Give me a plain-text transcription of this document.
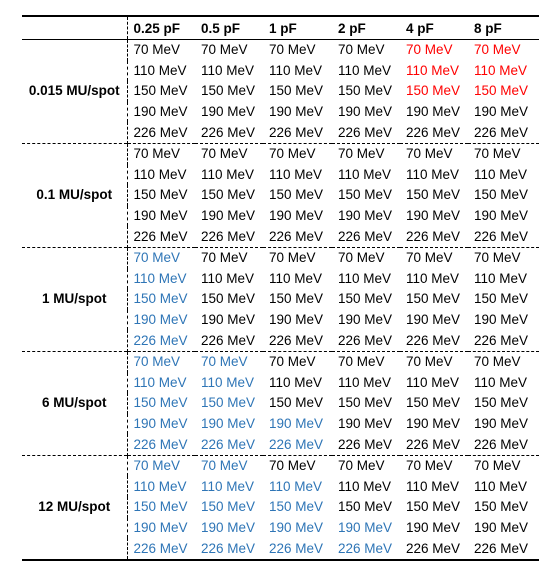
	0.25 pF	0.5 pF	1 pF	2 pF	4 pF	8 pF
0.015 MU/spot	70 MeV	70 MeV	70 MeV	70 MeV	70 MeV	70 MeV
	110 MeV	110 MeV	110 MeV	110 MeV	110 MeV	110 MeV
	150 MeV	150 MeV	150 MeV	150 MeV	150 MeV	150 MeV
	190 MeV	190 MeV	190 MeV	190 MeV	190 MeV	190 MeV
	226 MeV	226 MeV	226 MeV	226 MeV	226 MeV	226 MeV
0.1 MU/spot	70 MeV	70 MeV	70 MeV	70 MeV	70 MeV	70 MeV
	110 MeV	110 MeV	110 MeV	110 MeV	110 MeV	110 MeV
	150 MeV	150 MeV	150 MeV	150 MeV	150 MeV	150 MeV
	190 MeV	190 MeV	190 MeV	190 MeV	190 MeV	190 MeV
	226 MeV	226 MeV	226 MeV	226 MeV	226 MeV	226 MeV
1 MU/spot	70 MeV	70 MeV	70 MeV	70 MeV	70 MeV	70 MeV
	110 MeV	110 MeV	110 MeV	110 MeV	110 MeV	110 MeV
	150 MeV	150 MeV	150 MeV	150 MeV	150 MeV	150 MeV
	190 MeV	190 MeV	190 MeV	190 MeV	190 MeV	190 MeV
	226 MeV	226 MeV	226 MeV	226 MeV	226 MeV	226 MeV
6 MU/spot	70 MeV	70 MeV	70 MeV	70 MeV	70 MeV	70 MeV
	110 MeV	110 MeV	110 MeV	110 MeV	110 MeV	110 MeV
	150 MeV	150 MeV	150 MeV	150 MeV	150 MeV	150 MeV
	190 MeV	190 MeV	190 MeV	190 MeV	190 MeV	190 MeV
	226 MeV	226 MeV	226 MeV	226 MeV	226 MeV	226 MeV
12 MU/spot	70 MeV	70 MeV	70 MeV	70 MeV	70 MeV	70 MeV
	110 MeV	110 MeV	110 MeV	110 MeV	110 MeV	110 MeV
	150 MeV	150 MeV	150 MeV	150 MeV	150 MeV	150 MeV
	190 MeV	190 MeV	190 MeV	190 MeV	190 MeV	190 MeV
	226 MeV	226 MeV	226 MeV	226 MeV	226 MeV	226 MeV
